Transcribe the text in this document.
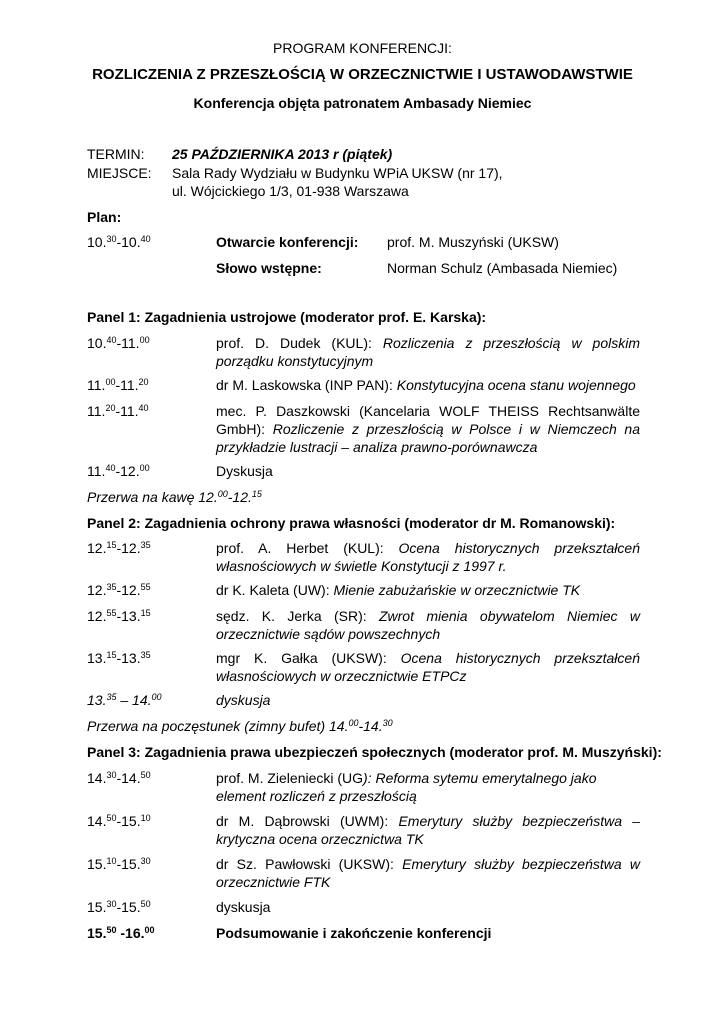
PROGRAM KONFERENCJI:
ROZLICZENIA Z PRZESZŁOŚCIĄ W ORZECZNICTWIE I USTAWODAWSTWIE
Konferencja objęta patronatem Ambasady Niemiec
TERMIN: 25 PAŹDZIERNIKA 2013 r (piątek)
MIEJSCE: Sala Rady Wydziału w Budynku WPiA UKSW (nr 17),
ul. Wójcickiego 1/3, 01-938 Warszawa
Plan:
10.30-10.40	Otwarcie konferencji: prof. M. Muszyński (UKSW)
Słowo wstępne:	Norman Schulz (Ambasada Niemiec)
Panel 1: Zagadnienia ustrojowe (moderator prof. E. Karska):
10.40-11.00	prof. D. Dudek (KUL): Rozliczenia z przeszłością w polskim porządku konstytucyjnym
11.00-11.20	dr M. Laskowska (INP PAN): Konstytucyjna ocena stanu wojennego
11.20-11.40	mec. P. Daszkowski (Kancelaria WOLF THEISS Rechtsanwälte GmbH): Rozliczenie z przeszłością w Polsce i w Niemczech na przykładzie lustracji – analiza prawno-porównawcza
11.40-12.00	Dyskusja
Przerwa na kawę 12.00-12.15
Panel 2: Zagadnienia ochrony prawa własności (moderator dr M. Romanowski):
12.15-12.35	prof. A. Herbet (KUL): Ocena historycznych przekształceń własnościowych w świetle Konstytucji z 1997 r.
12.35-12.55	dr K. Kaleta (UW): Mienie zabużańskie w orzecznictwie TK
12.55-13.15	sędz. K. Jerka (SR): Zwrot mienia obywatelom Niemiec w orzecznictwie sądów powszechnych
13.15-13.35	mgr K. Gałka (UKSW): Ocena historycznych przekształceń własnościowych w orzecznictwie ETPCz
13.35 – 14.00	dyskusja
Przerwa na poczęstunek (zimny bufet) 14.00-14.30
Panel 3: Zagadnienia prawa ubezpieczeń społecznych (moderator prof. M. Muszyński):
14.30-14.50	prof. M. Zieleniecki (UG): Reforma sytemu emerytalnego jako element rozliczeń z przeszłością
14.50-15.10	dr M. Dąbrowski (UWM): Emerytury służby bezpieczeństwa – krytyczna ocena orzecznictwa TK
15.10-15.30	dr Sz. Pawłowski (UKSW): Emerytury służby bezpieczeństwa w orzecznictwie FTK
15.30-15.50	dyskusja
15.50 -16.00	Podsumowanie i zakończenie konferencji
